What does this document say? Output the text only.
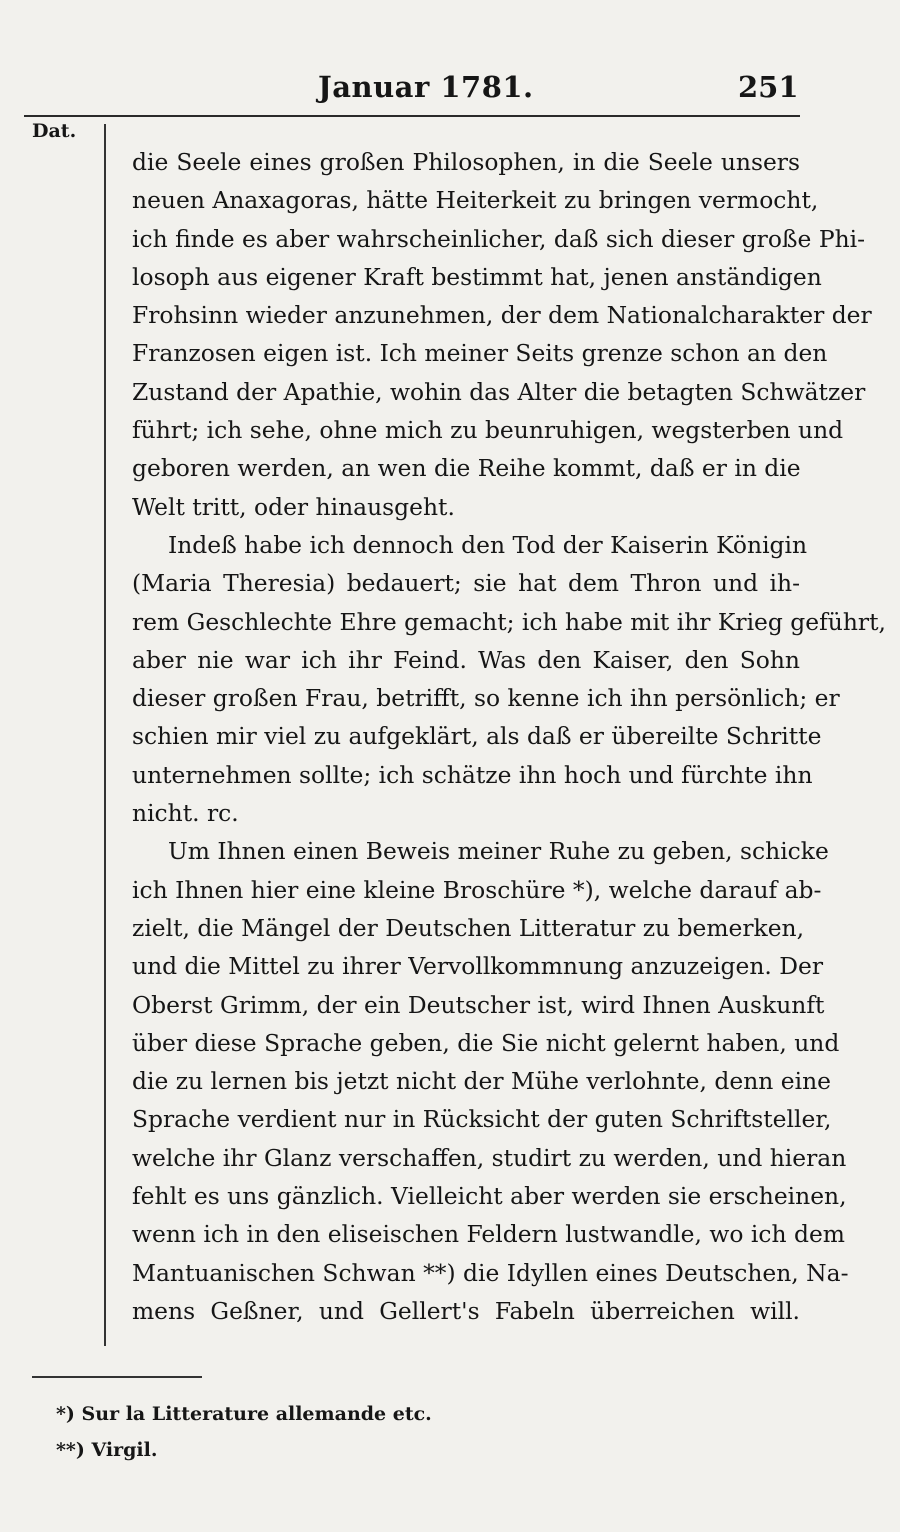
Januar 1781.	251
Dat.
die Seele eines großen Philosophen, in die Seele unsers
neuen Anaxagoras, hätte Heiterkeit zu bringen vermocht,
ich finde es aber wahrscheinlicher, daß sich dieser große Phi-
losoph aus eigener Kraft bestimmt hat, jenen anständigen
Frohsinn wieder anzunehmen, der dem Nationalcharakter der
Franzosen eigen ist. Ich meiner Seits grenze schon an den
Zustand der Apathie, wohin das Alter die betagten Schwätzer
führt; ich sehe, ohne mich zu beunruhigen, wegsterben und
geboren werden, an wen die Reihe kommt, daß er in die
Welt tritt, oder hinausgeht.
Indeß habe ich dennoch den Tod der Kaiserin Königin
(Maria Theresia) bedauert; sie hat dem Thron und ih-
rem Geschlechte Ehre gemacht; ich habe mit ihr Krieg geführt,
aber nie war ich ihr Feind. Was den Kaiser, den Sohn
dieser großen Frau, betrifft, so kenne ich ihn persönlich; er
schien mir viel zu aufgeklärt, als daß er übereilte Schritte
unternehmen sollte; ich schätze ihn hoch und fürchte ihn
nicht. rc.
Um Ihnen einen Beweis meiner Ruhe zu geben, schicke
ich Ihnen hier eine kleine Broschüre *), welche darauf ab-
zielt, die Mängel der Deutschen Litteratur zu bemerken,
und die Mittel zu ihrer Vervollkommnung anzuzeigen. Der
Oberst Grimm, der ein Deutscher ist, wird Ihnen Auskunft
über diese Sprache geben, die Sie nicht gelernt haben, und
die zu lernen bis jetzt nicht der Mühe verlohnte, denn eine
Sprache verdient nur in Rücksicht der guten Schriftsteller,
welche ihr Glanz verschaffen, studirt zu werden, und hieran
fehlt es uns gänzlich. Vielleicht aber werden sie erscheinen,
wenn ich in den eliseischen Feldern lustwandle, wo ich dem
Mantuanischen Schwan **) die Idyllen eines Deutschen, Na-
mens Geßner, und Gellert's Fabeln überreichen will.
*) Sur la Litterature allemande etc.
**) Virgil.
